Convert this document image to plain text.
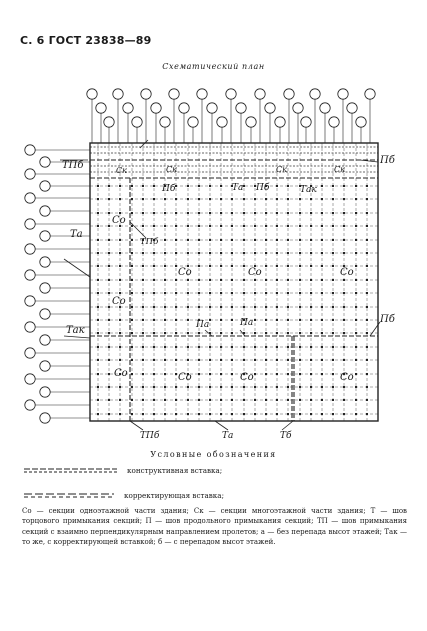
С. 6 ГОСТ 23838—89
Схематический план
ТПб	Пб
Пб
Со
Со
Со
Со	Со	Со
Со	Со	Со
Та
Так
ТПб
Пб	Пб
Та	Так
Па	Па
Ск	Ск	Ск	Ск
ТПб	Та	Тб
Условные обозначения
конструктивная вставка;
корректирующая вставка;
Со — секции одноэтажной части здания; Ск — секции многоэтажной части здания; Т — шов торцового примыкания секций; П — шов продольного примыкания секций; ТП — шов примыкания секций с взаимно перпендикулярным направлением пролетов; а — без перепада высот этажей; Так — то же, с корректирующей вставкой; б — с перепадом высот этажей.
